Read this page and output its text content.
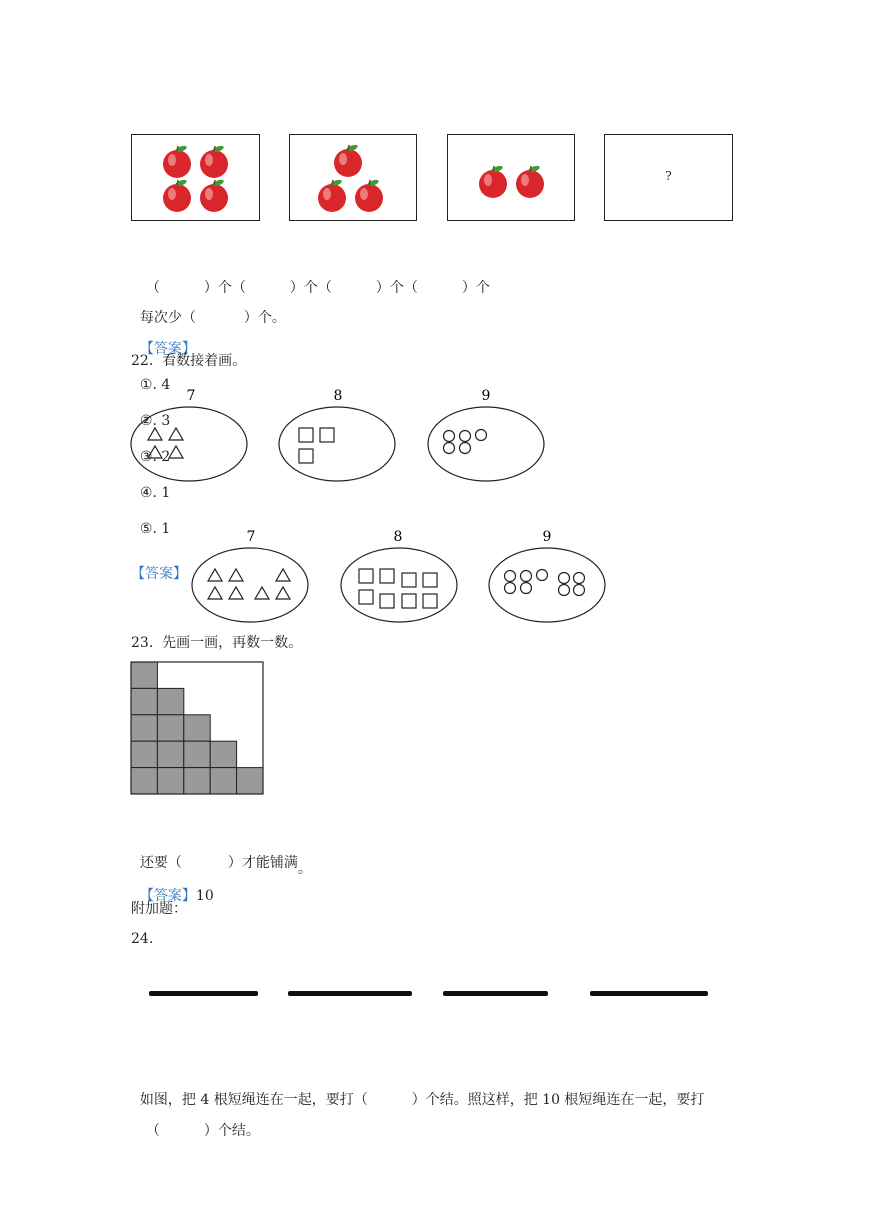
?

（	）个（	）个（	）个（	）个

每次少（	）个。

【答案】

①. 4

②. 3

③. 2

④. 1

⑤. 1

22.  看数接着画。
7	8	9
【答案】
7	8	9
23.  先画一画，再数一数。

还要（	）才能铺满。

【答案】10

附加题：
24.

如图，把 4 根短绳连在一起，要打（	）个结。照这样，把 10 根短绳连在一起，要打

（	）个结。
